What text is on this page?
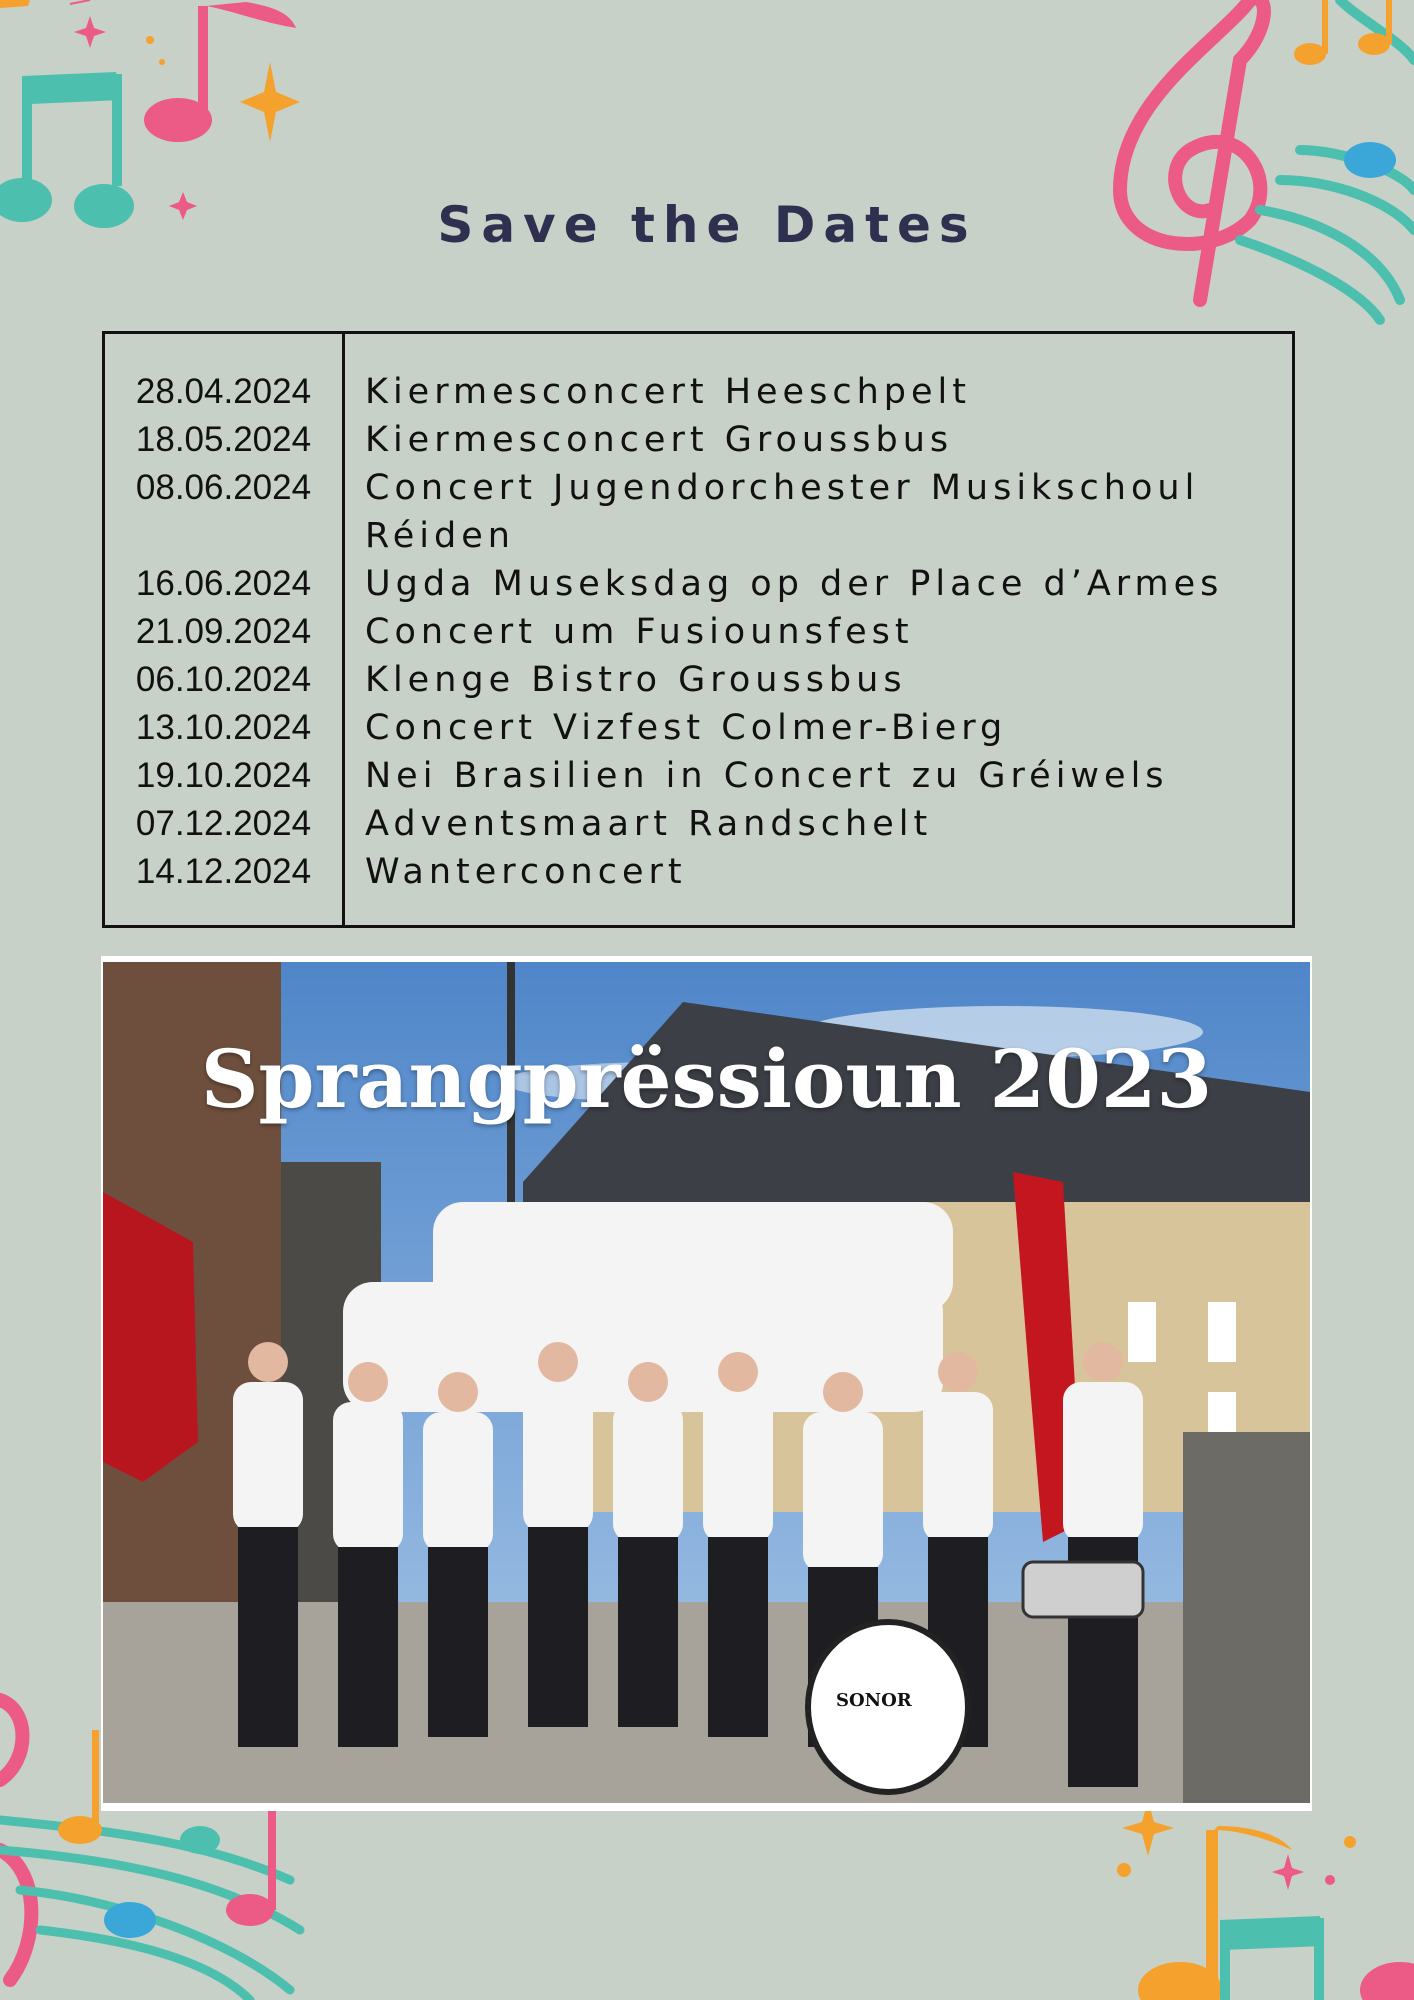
Save the Dates
28.04.2024	Kiermesconcert Heeschpelt
18.05.2024	Kiermesconcert Groussbus
08.06.2024	Concert Jugendorchester Musikschoul Réiden
16.06.2024	Ugda Museksdag op der Place d’Armes
21.09.2024	Concert um Fusiounsfest
06.10.2024	Klenge Bistro Groussbus
13.10.2024	Concert Vizfest Colmer-Bierg
19.10.2024	Nei Brasilien in Concert zu Gréiwels
07.12.2024	Adventsmaart Randschelt
14.12.2024	Wanterconcert
SONOR
Sprangprëssioun 2023
